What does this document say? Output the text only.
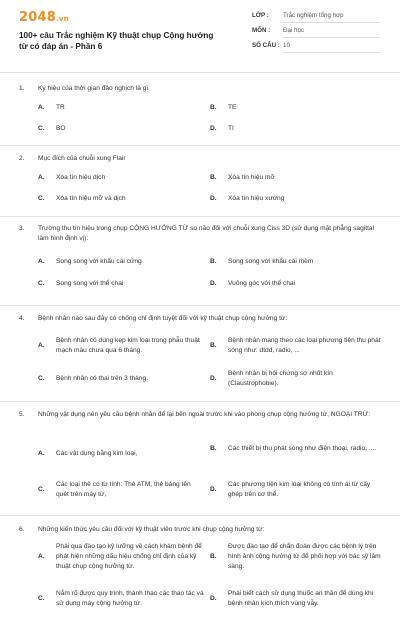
2048.vn
100+ câu Trắc nghiệm Kỹ thuật chụp Cộng hưởng từ có đáp án - Phần 6
LỚP :	Trắc nghiệm tổng hợp
MÔN :	Đại học
SỐ CÂU : 10
1. Ký hiệu của thời gian đảo nghịch là gì
A.	TR	B.	TE
C.	BO	D.	TI
2. Mục đích của chuỗi xung Flair
A.	Xóa tín hiệu dịch	B.	Xóa tín hiệu mỡ
C.	Xóa tín hiệu mỡ và dịch	D.	Xóa tín hiệu xương
3. Trường thu tín hiệu trong chụp CỘNG HƯỞNG TỪ sọ não đối với chuỗi xung Ciss 3D (sử dụng mặt phẳng sagittal làm hình định vị):
A.	Song song với khẩu cái cứng	B.	Song song với khẩu cái mềm
C.	Song song với thể chai	D.	Vuông góc với thể chai
4. Bệnh nhân nào sau đây có chống chỉ định tuyệt đối với kỹ thuật chụp cộng hưởng từ:
A.
Bệnh nhân có dùng kẹp kim loại trong phẫu thuật mạch máu chưa qua 6 tháng.
B.
Bệnh nhân mang theo các loại phương tiện thu phát sóng như: dtdd, radio, ...
C.	Bệnh nhân có thai trên 3 tháng.	D.
Bệnh nhân bị hội chứng sợ nhốt kín (Claustrophobie).
5. Những vật dụng nên yêu cầu bệnh nhân để lại bên ngoài trước khi vào phòng chụp cộng hưởng từ, NGOẠI TRỪ:
A.	Các vật dụng bằng kim loại,
B.	Các thiết bị thu phát sóng như điện thoại, radio, ....
C.
Các loại thẻ có từ tính: Thẻ ATM, thẻ bảng tên quét trên máy từ,
D.
Các phương tiện kim loại không có tính ái từ cấy ghép trên cơ thể.
6. Những kiến thức yêu cầu đối với kỹ thuật viên trước khi chụp cộng hưởng từ:
A.
Phải qua đào tạo kỹ lưỡng về cách khám bệnh để phát hiện những dấu hiệu chống chỉ định của kỹ thuật chụp cộng hưởng từ.
B.
Được đào tạo để chẩn đoán được các bệnh lý trên hình ảnh cộng hưởng từ để phối hợp với bác sỹ lâm sàng.
C.
Nắm rõ được quy trình, thành thạo các thao tác và sử dụng máy cộng hưởng từ.
D.
Phải biết cách sử dụng thuốc an thần để dùng khi bệnh nhân kích thích vùng vẫy.
